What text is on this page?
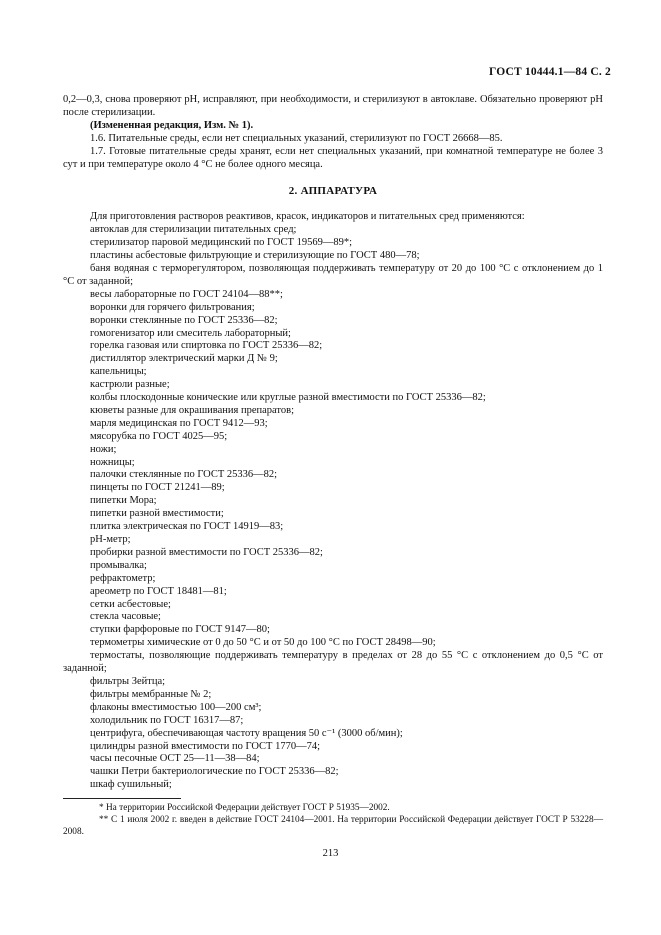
ГОСТ 10444.1—84 С. 2

0,2—0,3, снова проверяют рН, исправляют, при необходимости, и стерилизуют в автоклаве. Обязательно проверяют рН после стерилизации.

(Измененная редакция, Изм. № 1).

1.6. Питательные среды, если нет специальных указаний, стерилизуют по ГОСТ 26668—85.

1.7. Готовые питательные среды хранят, если нет специальных указаний, при комнатной температуре не более 3 сут и при температуре около 4 °С не более одного месяца.

2. АППАРАТУРА

Для приготовления растворов реактивов, красок, индикаторов и питательных сред применяются:

автоклав для стерилизации питательных сред;

стерилизатор паровой медицинский по ГОСТ 19569—89*;

пластины асбестовые фильтрующие и стерилизующие по ГОСТ 480—78;

баня водяная с терморегулятором, позволяющая поддерживать температуру от 20 до 100 °С с отклонением до 1 °С от заданной;

весы лабораторные по ГОСТ 24104—88**;

воронки для горячего фильтрования;

воронки стеклянные по ГОСТ 25336—82;

гомогенизатор или смеситель лабораторный;

горелка газовая или спиртовка по ГОСТ 25336—82;

дистиллятор электрический марки Д № 9;

капельницы;

кастрюли разные;

колбы плоскодонные конические или круглые разной вместимости по ГОСТ 25336—82;

кюветы разные для окрашивания препаратов;

марля медицинская по ГОСТ 9412—93;

мясорубка по ГОСТ 4025—95;

ножи;

ножницы;

палочки стеклянные по ГОСТ 25336—82;

пинцеты по ГОСТ 21241—89;

пипетки Мора;

пипетки разной вместимости;

плитка электрическая по ГОСТ 14919—83;

рН-метр;

пробирки разной вместимости по ГОСТ 25336—82;

промывалка;

рефрактометр;

ареометр по ГОСТ 18481—81;

сетки асбестовые;

стекла часовые;

ступки фарфоровые по ГОСТ 9147—80;

термометры химические от 0 до 50 °С и от 50 до 100 °С по ГОСТ 28498—90;

термостаты, позволяющие поддерживать температуру в пределах от 28 до 55 °С с отклонением до 0,5 °С от заданной;

фильтры Зейтца;

фильтры мембранные № 2;

флаконы вместимостью 100—200 см³;

холодильник по ГОСТ 16317—87;

центрифуга, обеспечивающая частоту вращения 50 с⁻¹ (3000 об/мин);

цилиндры разной вместимости по ГОСТ 1770—74;

часы песочные ОСТ 25—11—38—84;

чашки Петри бактериологические по ГОСТ 25336—82;

шкаф сушильный;

* На территории Российской Федерации действует ГОСТ Р 51935—2002.

** С 1 июля 2002 г. введен в действие ГОСТ 24104—2001. На территории Российской Федерации действует ГОСТ Р 53228—2008.

213
